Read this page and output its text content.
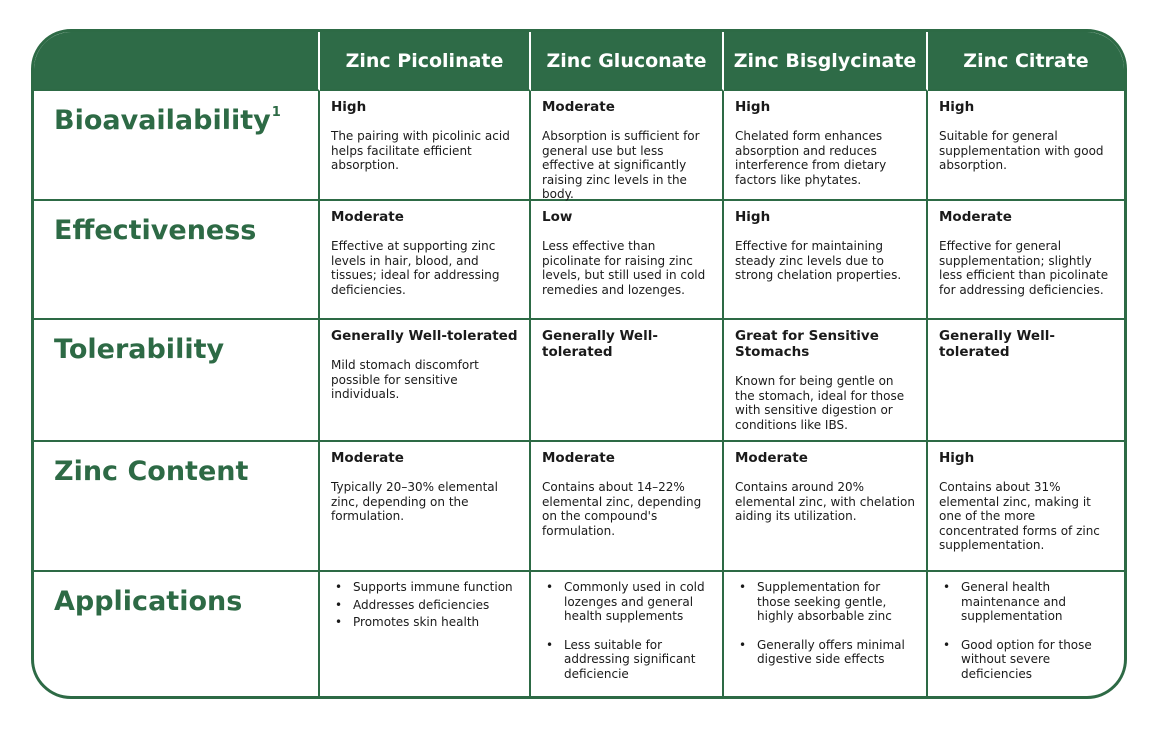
Zinc Picolinate	Zinc Gluconate	Zinc Bisglycinate	Zinc Citrate
Bioavailability$^1$	High
The pairing with picolinic acid helps facilitate efficient absorption.
Moderate
Absorption is sufficient for general use but less effective at significantly raising zinc levels in the body.
High
Chelated form enhances absorption and reduces interference from dietary factors like phytates.
High
Suitable for general supplementation with good absorption.
Effectiveness	Moderate
Effective at supporting zinc levels in hair, blood, and tissues; ideal for addressing deficiencies.
Low
Less effective than picolinate for raising zinc levels, but still used in cold remedies and lozenges.
High
Effective for maintaining steady zinc levels due to strong chelation properties.
Moderate
Effective for general supplementation; slightly less efficient than picolinate for addressing deficiencies.
Tolerability	Generally Well-tolerated
Mild stomach discomfort possible for sensitive individuals.
Generally Well-tolerated
Great for Sensitive Stomachs
Known for being gentle on the stomach, ideal for those with sensitive digestion or conditions like IBS.
Generally Well-tolerated
Zinc Content	Moderate
Typically 20–30% elemental zinc, depending on the formulation.
Moderate
Contains about 14–22% elemental zinc, depending on the compound's formulation.
Moderate
Contains around 20% elemental zinc, with chelation aiding its utilization.
High
Contains about 31% elemental zinc, making it one of the more concentrated forms of zinc supplementation.
Applications
•	Supports immune function
• Addresses deficiencies
• Promotes skin health
• Commonly used in cold lozenges and general health supplements
• Less suitable for addressing significant deficiencie
• Supplementation for those seeking gentle, highly absorbable zinc
• Generally offers minimal digestive side effects
• General health maintenance and supplementation
• Good option for those without severe deficiencies
